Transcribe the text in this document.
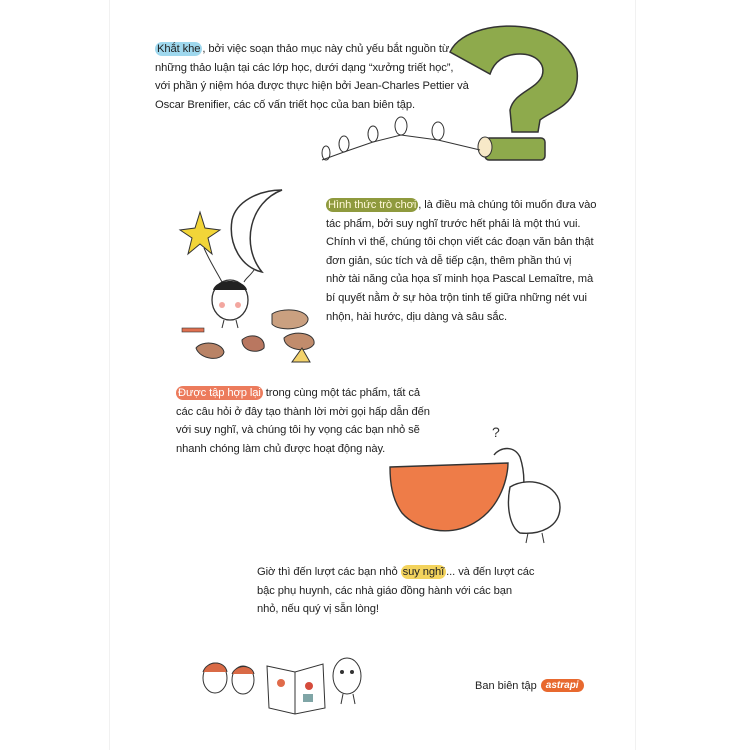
Khắt khe , bởi việc soạn thảo mục này chủ yếu bắt nguồn từ
những thảo luận tại các lớp học, dưới dạng “xưởng triết học”,
với phần ý niệm hóa được thực hiện bởi Jean-Charles Pettier và
Oscar Brenifier, các cố vấn triết học của ban biên tập.
Hình thức trò chơi , là điều mà chúng tôi muốn đưa vào
tác phẩm, bởi suy nghĩ trước hết phải là một thú vui.
Chính vì thế, chúng tôi chọn viết các đoạn văn bản thật
đơn giản, súc tích và dễ tiếp cận, thêm phần thú vị
nhờ tài năng của họa sĩ minh họa Pascal Lemaître, mà
bí quyết nằm ở sự hòa trộn tinh tế giữa những nét vui
nhộn, hài hước, dịu dàng và sâu sắc.
Được tập hợp lại trong cùng một tác phẩm, tất cả
các câu hỏi ở đây tạo thành lời mời gọi hấp dẫn đến
với suy nghĩ, và chúng tôi hy vọng các bạn nhỏ sẽ
nhanh chóng làm chủ được hoạt động này.
?
Giờ thì đến lượt các bạn nhỏ suy nghĩ ... và đến lượt các
bậc phụ huynh, các nhà giáo đồng hành với các bạn
nhỏ, nếu quý vị sẵn lòng!
Ban biên tập astrapi
